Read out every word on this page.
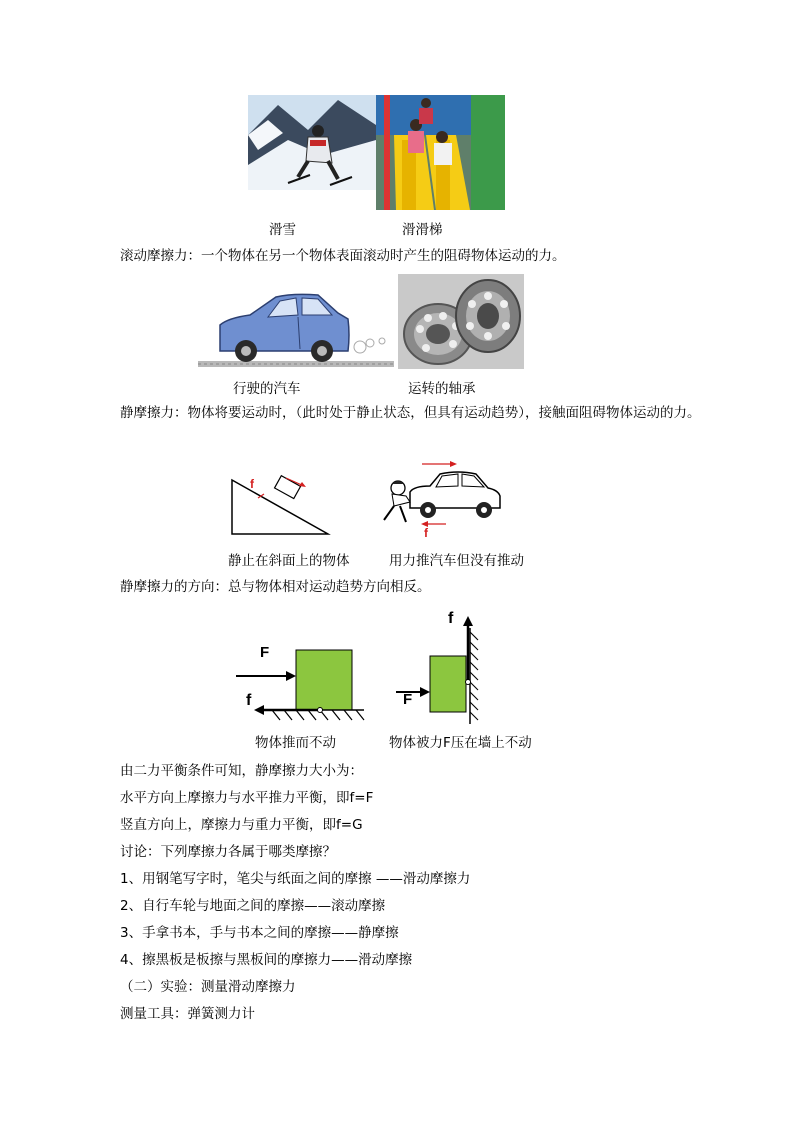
滑雪	滑滑梯
滚动摩擦力：一个物体在另一个物体表面滚动时产生的阻碍物体运动的力。
行驶的汽车	运转的轴承
静摩擦力：物体将要运动时，（此时处于静止状态，但具有运动趋势），接触面阻碍物体运动的力。
f
f
静止在斜面上的物体	用力推汽车但没有推动
静摩擦力的方向：总与物体相对运动趋势方向相反。
F
f	F
f
物体推而不动	物体被力F压在墙上不动
由二力平衡条件可知，静摩擦力大小为：
水平方向上摩擦力与水平推力平衡，即f=F
竖直方向上，摩擦力与重力平衡，即f=G
讨论：下列摩擦力各属于哪类摩擦？
1、用钢笔写字时，笔尖与纸面之间的摩擦 ——滑动摩擦力
2、自行车轮与地面之间的摩擦——滚动摩擦
3、手拿书本，手与书本之间的摩擦——静摩擦
4、擦黑板是板擦与黑板间的摩擦力——滑动摩擦
（二）实验：测量滑动摩擦力
测量工具：弹簧测力计
